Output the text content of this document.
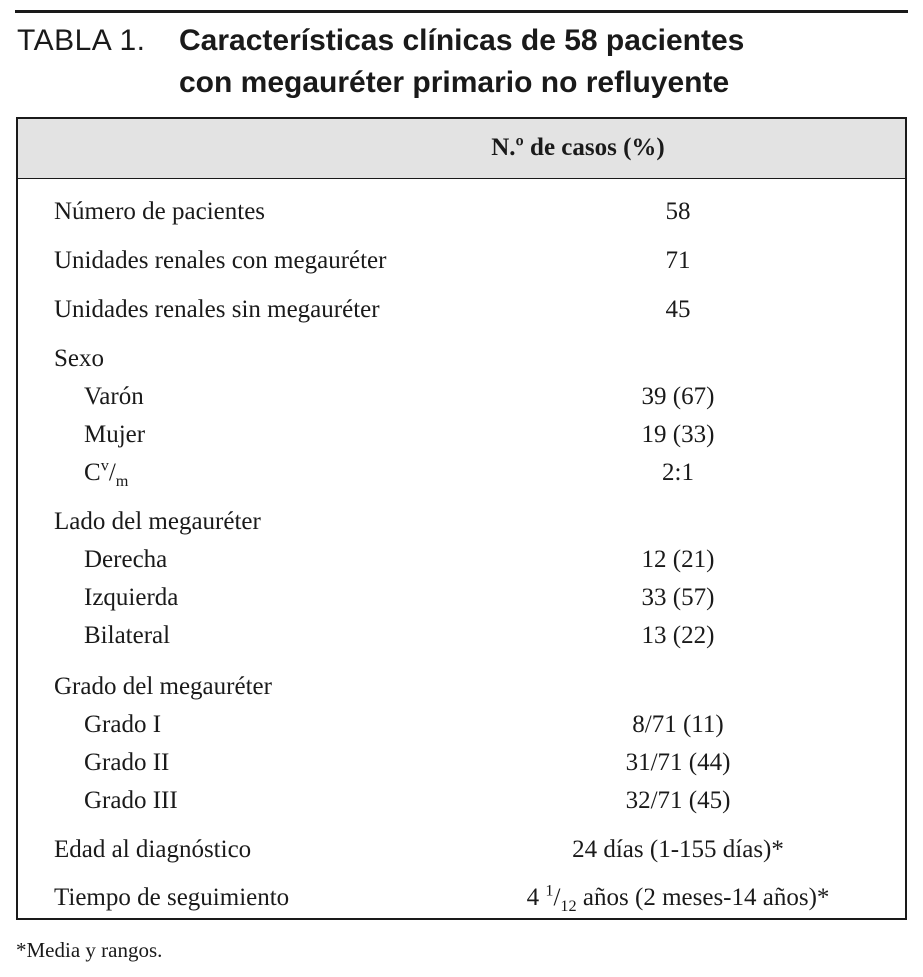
TABLA 1. Características clínicas de 58 pacientes
con megauréter primario no refluyente
N.º de casos (%)
Número de pacientes	58
Unidades renales con megauréter	71
Unidades renales sin megauréter	45
Sexo
Varón	39 (67)
Mujer	19 (33)
$C^v/_m$	2:1
Lado del megauréter
Derecha	12 (21)
Izquierda	33 (57)
Bilateral	13 (22)
Grado del megauréter
Grado I	8/71 (11)
Grado II	31/71 (44)
Grado III	32/71 (45)
Edad al diagnóstico	24 días (1-155 días)*
Tiempo de seguimiento	4 $^1/_{12}$ años (2 meses-14 años)*
*Media y rangos.
